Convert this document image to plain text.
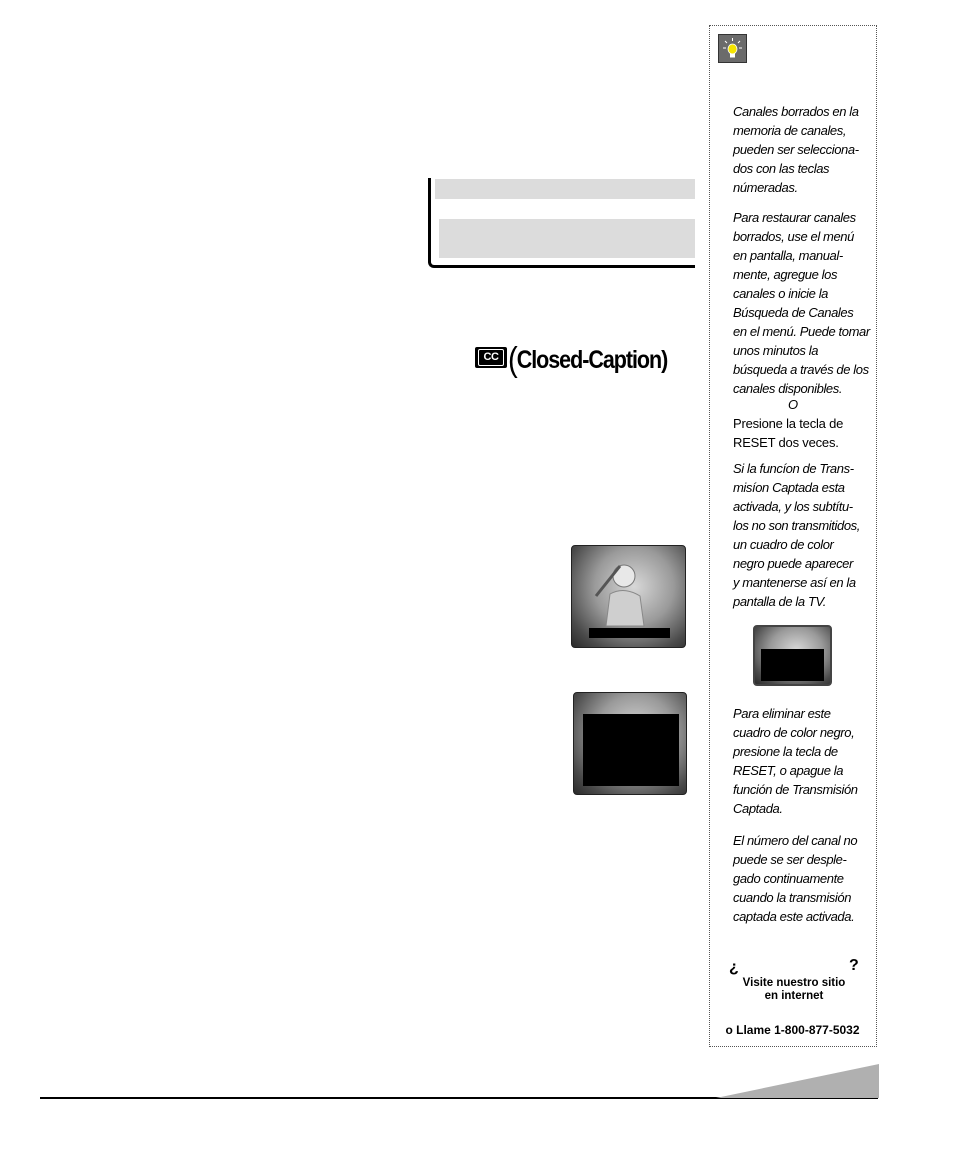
Canales borrados en la
memoria de canales,
pueden ser selecciona-
dos con las teclas
númeradas.

Para restaurar canales
borrados, use el menú
en pantalla, manual-
mente, agregue los
canales o inicie la
Búsqueda de Canales
en el menú. Puede tomar
unos minutos la
búsqueda a través de los
canales disponibles.

O

Presione la tecla de
RESET dos veces.

Si la funcíon de Trans-
misíon Captada esta
activada, y los subtítu-
los no son transmitidos,
un cuadro de color
negro puede aparecer
y mantenerse así en la
pantalla de la TV.

Para eliminar este
cuadro de color negro,
presione la tecla de
RESET, o apague la
función de Transmisión
Captada.

El número del canal no
puede se ser desple-
gado continuamente
cuando la transmisión
captada este activada.

¿	?
Visite nuestro sitio
en internet
o Llame 1-800-877-5032
CC (Closed-Caption)
